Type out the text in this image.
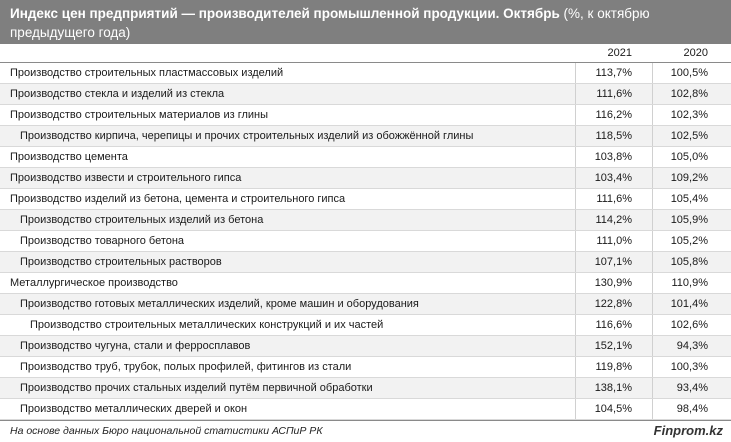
Индекс цен предприятий — производителей промышленной продукции. Октябрь (%, к октябрю предыдущего года)
2021	2020
Производство строительных пластмассовых изделий	113,7%	100,5%
Производство стекла и изделий из стекла	111,6%	102,8%
Производство строительных материалов из глины	116,2%	102,3%
Производство кирпича, черепицы и прочих строительных изделий из обожжённой глины	118,5%	102,5%
Производство цемента	103,8%	105,0%
Производство извести и строительного гипса	103,4%	109,2%
Производство изделий из бетона, цемента и строительного гипса	111,6%	105,4%
Производство строительных изделий из бетона	114,2%	105,9%
Производство товарного бетона	111,0%	105,2%
Производство строительных растворов	107,1%	105,8%
Металлургическое производство	130,9%	110,9%
Производство готовых металлических изделий, кроме машин и оборудования	122,8%	101,4%
Производство строительных металлических конструкций и их частей	116,6%	102,6%
Производство чугуна, стали и ферросплавов	152,1%	94,3%
Производство труб, трубок, полых профилей, фитингов из стали	119,8%	100,3%
Производство прочих стальных изделий путём первичной обработки	138,1%	93,4%
Производство металлических дверей и окон	104,5%	98,4%
На основе данных Бюро национальной статистики АСПиР РК	Finprom.kz
